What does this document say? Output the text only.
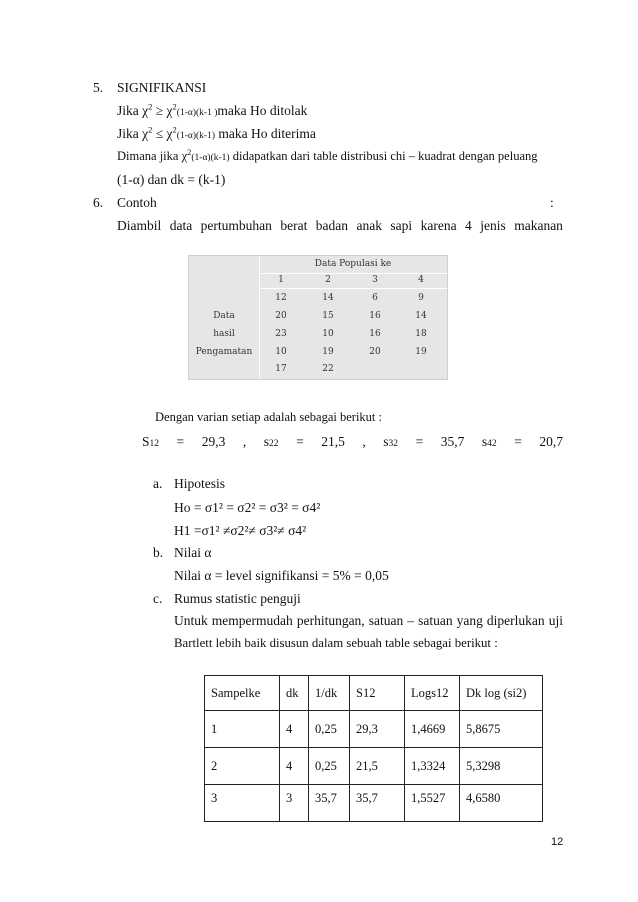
5. SIGNIFIKANSI
Jika $\chi^2 \ge \chi^2(1-\alpha)(k-1$ )maka Ho ditolak
Jika $\chi^2 \le \chi^2(1-\alpha)(k-1)$ maka Ho diterima
Dimana jika $\chi^2(1-\alpha)(k-1)$ didapatkan dari table distribusi chi – kuadrat dengan peluang
(1-α) dan dk = (k-1)
6. Contoh	:
Diambil data pertumbuhan berat badan anak sapi karena 4 jenis makanan
Data Populasi ke
1	2	3	4
Data
hasil
Pengamatan
12	14	6	9
20	15	16	14
23	10	16	18
10	19	20	19
17	22
Dengan varian setiap adalah sebagai berikut :
S12 = 29,3 , s22 = 21,5 , s32 = 35,7 s42 = 20,7
a. Hipotesis
Ho = σ1² = σ2² = σ3² = σ4²
H1 =σ1² ≠σ2²≠ σ3²≠ σ4²
b. Nilai α
Nilai α = level signifikansi = 5% = 0,05
c. Rumus statistic penguji
Untuk mempermudah perhitungan, satuan – satuan yang diperlukan uji
Bartlett lebih baik disusun dalam sebuah table sebagai berikut :
Sampelke	dk	1/dk	S12	Logs12	Dk log (si2)
1	4	0,25	29,3	1,4669	5,8675
2	4	0,25	21,5	1,3324	5,3298
3	3	35,7	35,7	1,5527	4,6580
12
